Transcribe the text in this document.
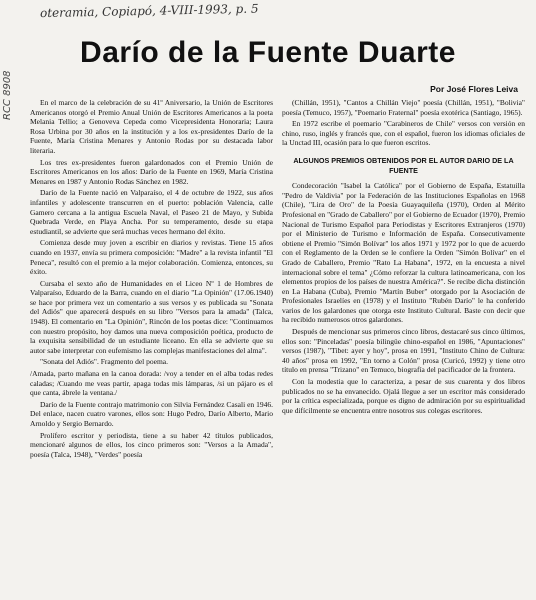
oteramia, Copiapó, 4-VIII-1993, p. 5
RCC 8908
Darío de la Fuente Duarte
Por José Flores Leiva

En el marco de la celebración de su 41º Aniversario, la Unión de Escritores Americanos otorgó el Premio Anual Unión de Escritores Americanos a la poeta Melania Tellio; a Genoveva Cepeda como Vicepresidenta Honoraria; Laura Rosa Urbina por 30 años en la institución y a los ex-presidentes Darío de la Fuente, María Cristina Menares y Antonio Rodas por su destacada labor literaria.

Los tres ex-presidentes fueron galardonados con el Premio Unión de Escritores Americanos en los años: Darío de la Fuente en 1969, María Cristina Menares en 1987 y Antonio Rodas Sánchez en 1982.

Darío de la Fuente nació en Valparaíso, el 4 de octubre de 1922, sus años infantiles y adolescente transcurren en el puerto: población Valencia, calle Gamero cercana a la antigua Escuela Naval, el Paseo 21 de Mayo, y Subida Quebrada Verde, en Playa Ancha. Por su temperamento, desde su etapa estudiantil, se advierte que será muchas veces hermano del éxito.

Comienza desde muy joven a escribir en diarios y revistas. Tiene 15 años cuando en 1937, envía su primera composición: "Madre" a la revista infantil "El Peneca", resultó con el premio a la mejor colaboración. Comienza, entonces, su éxito.

Cursaba el sexto año de Humanidades en el Liceo Nº 1 de Hombres de Valparaíso, Eduardo de la Barra, cuando en el diario "La Opinión" (17.06.1940) se hace por primera vez un comentario a sus versos y es publicada su "Sonata del Adiós" que aparecerá después en su libro "Versos para la amada" (Talca, 1948). El comentario en "La Opinión", Rincón de los poetas dice: "Continuamos con nuestro propósito, hoy damos una nueva composición poética, producto de la exquisita sensibilidad de un estudiante liceano. En ella se advierte que su autor sabe interpretar con eufemismo las complejas manifestaciones del alma".

"Sonata del Adiós". Fragmento del poema.

/Amada, parto mañana en la canoa dorada: /voy a tender en el alba todas redes caladas; /Cuando me veas partir, apaga todas mis lámparas, /si un pájaro es el que canta, ábrele la ventana./

Darío de la Fuente contrajo matrimonio con Silvia Fernández Casali en 1946. Del enlace, nacen cuatro varones, ellos son: Hugo Pedro, Darío Alberto, Mario Arnoldo y Sergio Bernardo.

Prolífero escritor y periodista, tiene a su haber 42 títulos publicados, mencionaré algunos de ellos, los cinco primeros son: "Versos a la Amada", poesía (Talca, 1948), "Verdes" poesía

(Chillán, 1951), "Cantos a Chillán Viejo" poesía (Chillán, 1951), "Bolivia" poesía (Temuco, 1957), "Poemario Fraternal" poesía exotérica (Santiago, 1965).

En 1972 escribe el poemario "Carabineros de Chile" versos con versión en chino, ruso, inglés y francés que, con el español, fueron los idiomas oficiales de la Unctad III, ocasión para lo que fueron escritos.

ALGUNOS PREMIOS OBTENIDOS POR EL AUTOR DARIO DE LA FUENTE

Condecoración "Isabel la Católica" por el Gobierno de España, Estatuilla "Pedro de Valdivia" por la Federación de las Instituciones Españolas en 1968 (Chile), "Lira de Oro" de la Poesía Guayaquileña (1970), Orden al Mérito Profesional en "Grado de Caballero" por el Gobierno de Ecuador (1970), Premio Nacional de Turismo Español para Periodistas y Escritores Extranjeros (1970) por el Ministerio de Turismo e Información de España. Consecutivamente obtiene el Premio "Simón Bolívar" los años 1971 y 1972 por lo que de acuerdo con el Reglamento de la Orden se le confiere la Orden "Simón Bolívar" en el Grado de Caballero, Premio "Rato La Habana", 1972, en la encuesta a nivel internacional sobre el tema" ¿Cómo reforzar la cultura latinoamericana, con los elementos propios de los países de nuestra América?". Se recibe dicha distinción en La Habana (Cuba), Premio "Martín Buber" otorgado por la Asociación de Profesionales Israelíes en (1978) y el Instituto "Rubén Darío" le ha conferido varios de los galardones que otorga este Instituto Cultural. Baste con decir que ha recibido numerosos otros galardones.

Después de mencionar sus primeros cinco libros, destacaré sus cinco últimos, ellos son: "Pinceladas" poesía bilingüe chino-español en 1986, "Apuntaciones" versos (1987), "Tibet: ayer y hoy", prosa en 1991, "Instituto Chino de Cultura: 40 años" prosa en 1992, "En torno a Colón" prosa (Curicó, 1992) y tiene otro título en prensa "Trizano" en Temuco, biografía del pacificador de la frontera.

Con la modestia que lo caracteriza, a pesar de sus cuarenta y dos libros publicados no se ha envanecido. Ojalá llegue a ser un escritor más considerado por la crítica especializada, porque es digno de admiración por su espiritualidad que difícilmente se encuentra entre nosotros sus colegas escritores.
